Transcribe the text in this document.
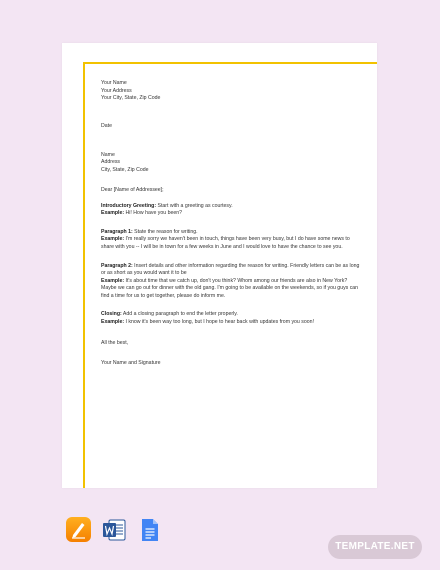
Your Name

Your Address

Your City, State, Zip Code

Date

Name

Address

City, State, Zip Code

Dear [Name of Addressee];

Introductory Greeting: Start with a greeting as courtesy.

Example: Hi! How have you been?

Paragraph 1: State the reason for writing.

Example: I'm really sorry we haven't been in touch, things have been very busy, but I do have some news to share with you -- I will be in town for a few weeks in June and I would love to have the chance to see you.

Paragraph 2: Insert details and other information regarding the reason for writing. Friendly letters can be as long or as short as you would want it to be

Example: It's about time that we catch up, don't you think? Whom among our friends are also in New York? Maybe we can go out for dinner with the old gang. I'm going to be available on the weekends, so if you guys can find a time for us to get together, please do inform me.

Closing: Add a closing paragraph to end the letter properly.

Example: I know it's been way too long, but I hope to hear back with updates from you soon!

All the best,

Your Name and Signature

TEMPLATE.NET
